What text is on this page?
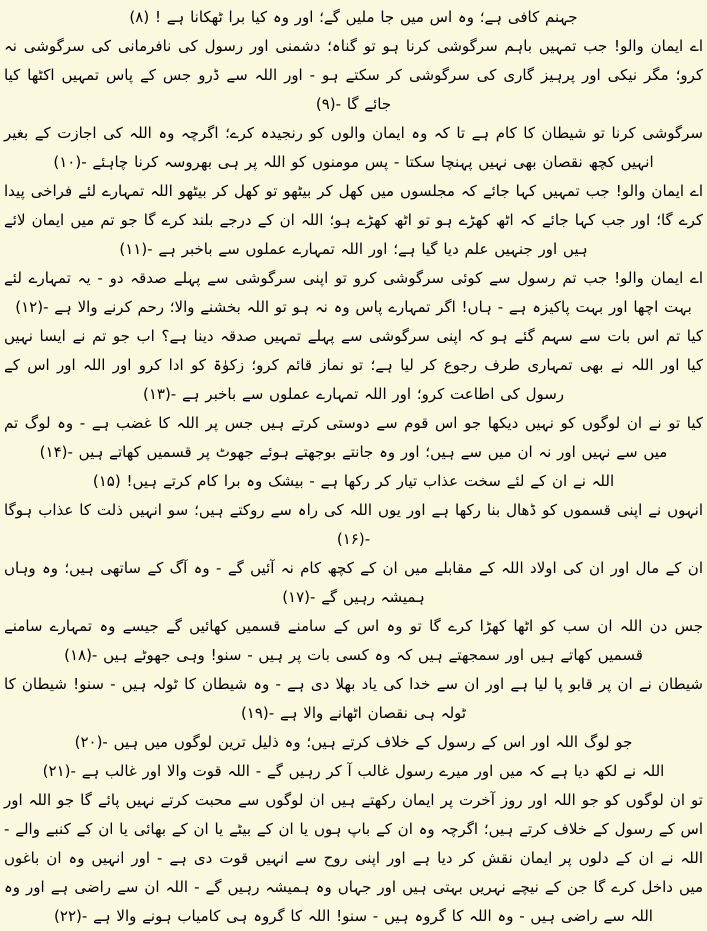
جہنم کافی ہے؛ وہ اس میں جا ملیں گے؛ اور وہ کیا برا ٹھکانا ہے ! (۸)

اے ایمان والو! جب تمہیں باہم سرگوشی کرنا ہو تو گناہ؛ دشمنی اور رسول کی نافرمانی کی سرگوشی نہ کرو؛ مگر نیکی اور پرہیز گاری کی سرگوشی کر سکتے ہو - اور اللہ سے ڈرو جس کے پاس تمہیں اکٹھا کیا جائے گا -(۹)

سرگوشی کرنا تو شیطان کا کام ہے تا کہ وہ ایمان والوں کو رنجیدہ کرے؛ اگرچہ وہ اللہ کی اجازت کے بغیر انہیں کچھ نقصان بھی نہیں پہنچا سکتا - پس مومنوں کو اللہ پر ہی بھروسہ کرنا چاہئے -(۱۰)

اے ایمان والو! جب تمہیں کہا جائے کہ مجلسوں میں کھل کر بیٹھو تو کھل کر بیٹھو اللہ تمہارے لئے فراخی پیدا کرے گا؛ اور جب کہا جائے کہ اٹھ کھڑے ہو تو اٹھ کھڑے ہو؛ اللہ ان کے درجے بلند کرے گا جو تم میں ایمان لائے ہیں اور جنہیں علم دیا گیا ہے؛ اور اللہ تمہارے عملوں سے باخبر ہے -(۱۱)

اے ایمان والو! جب تم رسول سے کوئی سرگوشی کرو تو اپنی سرگوشی سے پہلے صدقہ دو - یہ تمہارے لئے بہت اچھا اور بہت پاکیزہ ہے - ہاں! اگر تمہارے پاس وہ نہ ہو تو اللہ بخشنے والا؛ رحم کرنے والا ہے -(۱۲)

کیا تم اس بات سے سہم گئے ہو کہ اپنی سرگوشی سے پہلے تمہیں صدقہ دینا ہے؟ اب جو تم نے ایسا نہیں کیا اور اللہ نے بھی تمہاری طرف رجوع کر لیا ہے؛ تو نماز قائم کرو؛ زکوٰۃ کو ادا کرو اور اللہ اور اس کے رسول کی اطاعت کرو؛ اور اللہ تمہارے عملوں سے باخبر ہے -(۱۳)

کیا تو نے ان لوگوں کو نہیں دیکھا جو اس قوم سے دوستی کرتے ہیں جس پر اللہ کا غضب ہے - وہ لوگ تم میں سے نہیں اور نہ ان میں سے ہیں؛ اور وہ جانتے بوجھتے ہوئے جھوٹ پر قسمیں کھاتے ہیں -(۱۴)

اللہ نے ان کے لئے سخت عذاب تیار کر رکھا ہے - بیشک وہ برا کام کرتے ہیں! (۱۵)

انہوں نے اپنی قسموں کو ڈھال بنا رکھا ہے اور یوں اللہ کی راہ سے روکتے ہیں؛ سو انہیں ذلت کا عذاب ہوگا -(۱۶)

ان کے مال اور ان کی اولاد اللہ کے مقابلے میں ان کے کچھ کام نہ آئیں گے - وہ آگ کے ساتھی ہیں؛ وہ وہاں ہمیشہ رہیں گے -(۱۷)

جس دن اللہ ان سب کو اٹھا کھڑا کرے گا تو وہ اس کے سامنے قسمیں کھائیں گے جیسے وہ تمہارے سامنے قسمیں کھاتے ہیں اور سمجھتے ہیں کہ وہ کسی بات پر ہیں - سنو! وہی جھوٹے ہیں -(۱۸)

شیطان نے ان پر قابو پا لیا ہے اور ان سے خدا کی یاد بھلا دی ہے - وہ شیطان کا ٹولہ ہیں - سنو! شیطان کا ٹولہ ہی نقصان اٹھانے والا ہے -(۱۹)

جو لوگ اللہ اور اس کے رسول کے خلاف کرتے ہیں؛ وہ ذلیل ترین لوگوں میں ہیں -(۲۰)

اللہ نے لکھ دیا ہے کہ میں اور میرے رسول غالب آ کر رہیں گے - اللہ قوت والا اور غالب ہے -(۲۱)

تو ان لوگوں کو جو اللہ اور روز آخرت پر ایمان رکھتے ہیں ان لوگوں سے محبت کرتے نہیں پائے گا جو اللہ اور اس کے رسول کے خلاف کرتے ہیں؛ اگرچہ وہ ان کے باپ ہوں یا ان کے بیٹے یا ان کے بھائی یا ان کے کنبے والے - اللہ نے ان کے دلوں پر ایمان نقش کر دیا ہے اور اپنی روح سے انہیں قوت دی ہے - اور انہیں وہ ان باغوں میں داخل کرے گا جن کے نیچے نہریں بہتی ہیں اور جہاں وہ ہمیشہ رہیں گے - اللہ ان سے راضی ہے اور وہ اللہ سے راضی ہیں - وہ اللہ کا گروہ ہیں - سنو! اللہ کا گروہ ہی کامیاب ہونے والا ہے -(۲۲)
